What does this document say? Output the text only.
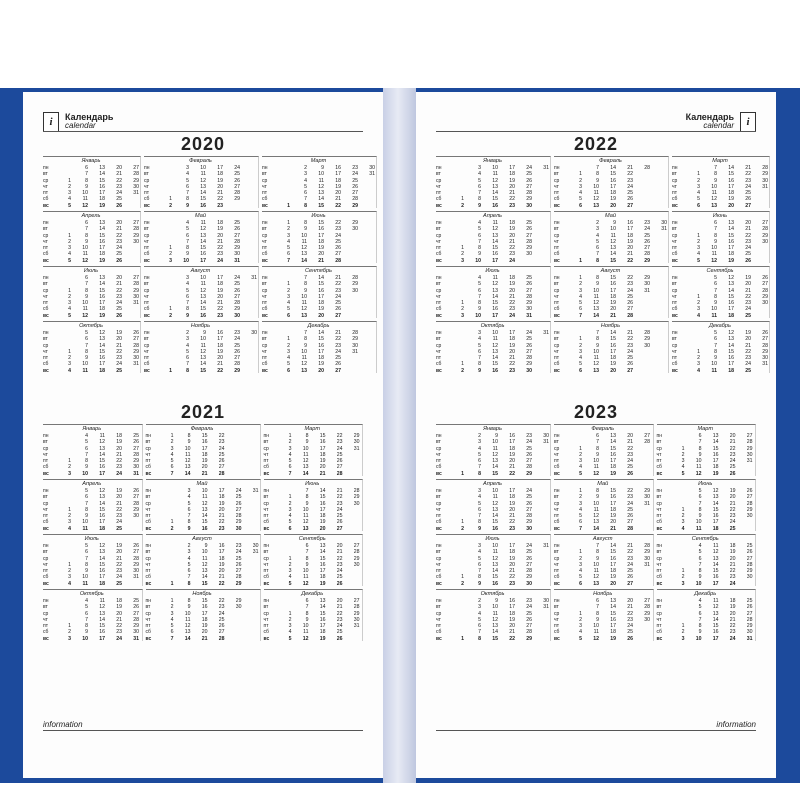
i	Календарь
calendar
2020
Январь
пн	6	13	20	27
вт	7	14	21	28
ср	1	8	15	22	29
чт	2	9	16	23	30
пт	3	10	17	24	31
сб	4	11	18	25
вс	5	12	19	26
Февраль
пн	3	10	17	24
вт	4	11	18	25
ср	5	12	19	26
чт	6	13	20	27
пт	7	14	21	28
сб	1	8	15	22	29
вс	2	9	16	23
Март
пн	2	9	16	23	30
вт	3	10	17	24	31
ср	4	11	18	25
чт	5	12	19	26
пт	6	13	20	27
сб	7	14	21	28
вс	1	8	15	22	29
Апрель
пн	6	13	20	27
вт	7	14	21	28
ср	1	8	15	22	29
чт	2	9	16	23	30
пт	3	10	17	24
сб	4	11	18	25
вс	5	12	19	26
Май
пн	4	11	18	25
вт	5	12	19	26
ср	6	13	20	27
чт	7	14	21	28
пт	1	8	15	22	29
сб	2	9	16	23	30
вс	3	10	17	24	31
Июнь
пн	1	8	15	22	29
вт	2	9	16	23	30
ср	3	10	17	24
чт	4	11	18	25
пт	5	12	19	26
сб	6	13	20	27
вс	7	14	21	28
Июль
пн	6	13	20	27
вт	7	14	21	28
ср	1	8	15	22	29
чт	2	9	16	23	30
пт	3	10	17	24	31
сб	4	11	18	25
вс	5	12	19	26
Август
пн	3	10	17	24	31
вт	4	11	18	25
ср	5	12	19	26
чт	6	13	20	27
пт	7	14	21	28
сб	1	8	15	22	29
вс	2	9	16	23	30
Сентябрь
пн	7	14	21	28
вт	1	8	15	22	29
ср	2	9	16	23	30
чт	3	10	17	24
пт	4	11	18	25
сб	5	12	19	26
вс	6	13	20	27
Октябрь
пн	5	12	19	26
вт	6	13	20	27
ср	7	14	21	28
чт	1	8	15	22	29
пт	2	9	16	23	30
сб	3	10	17	24	31
вс	4	11	18	25
Ноябрь
пн	2	9	16	23	30
вт	3	10	17	24
ср	4	11	18	25
чт	5	12	19	26
пт	6	13	20	27
сб	7	14	21	28
вс	1	8	15	22	29
Декабрь
пн	7	14	21	28
вт	1	8	15	22	29
ср	2	9	16	23	30
чт	3	10	17	24	31
пт	4	11	18	25
сб	5	12	19	26
вс	6	13	20	27
2021
Январь
пн	4	11	18	25
вт	5	12	19	26
ср	6	13	20	27
чт	7	14	21	28
пт	1	8	15	22	29
сб	2	9	16	23	30
вс	3	10	17	24	31
Февраль
пн	1	8	15	22
вт	2	9	16	23
ср	3	10	17	24
чт	4	11	18	25
пт	5	12	19	26
сб	6	13	20	27
вс	7	14	21	28
Март
пн	1	8	15	22	29
вт	2	9	16	23	30
ср	3	10	17	24	31
чт	4	11	18	25
пт	5	12	19	26
сб	6	13	20	27
вс	7	14	21	28
Апрель
пн	5	12	19	26
вт	6	13	20	27
ср	7	14	21	28
чт	1	8	15	22	29
пт	2	9	16	23	30
сб	3	10	17	24
вс	4	11	18	25
Май
пн	3	10	17	24	31
вт	4	11	18	25
ср	5	12	19	26
чт	6	13	20	27
пт	7	14	21	28
сб	1	8	15	22	29
вс	2	9	16	23	30
Июнь
пн	7	14	21	28
вт	1	8	15	22	29
ср	2	9	16	23	30
чт	3	10	17	24
пт	4	11	18	25
сб	5	12	19	26
вс	6	13	20	27
Июль
пн	5	12	19	26
вт	6	13	20	27
ср	7	14	21	28
чт	1	8	15	22	29
пт	2	9	16	23	30
сб	3	10	17	24	31
вс	4	11	18	25
Август
пн	2	9	16	23	30
вт	3	10	17	24	31
ср	4	11	18	25
чт	5	12	19	26
пт	6	13	20	27
сб	7	14	21	28
вс	1	8	15	22	29
Сентябрь
пн	6	13	20	27
вт	7	14	21	28
ср	1	8	15	22	29
чт	2	9	16	23	30
пт	3	10	17	24
сб	4	11	18	25
вс	5	12	19	26
Октябрь
пн	4	11	18	25
вт	5	12	19	26
ср	6	13	20	27
чт	7	14	21	28
пт	1	8	15	22	29
сб	2	9	16	23	30
вс	3	10	17	24	31
Ноябрь
пн	1	8	15	22	29
вт	2	9	16	23	30
ср	3	10	17	24
чт	4	11	18	25
пт	5	12	19	26
сб	6	13	20	27
вс	7	14	21	28
Декабрь
пн	6	13	20	27
вт	7	14	21	28
ср	1	8	15	22	29
чт	2	9	16	23	30
пт	3	10	17	24	31
сб	4	11	18	25
вс	5	12	19	26
information
i
Календарь
calendar
2022
Январь
пн	3	10	17	24	31
вт	4	11	18	25
ср	5	12	19	26
чт	6	13	20	27
пт	7	14	21	28
сб	1	8	15	22	29
вс	2	9	16	23	30
Февраль
пн	7	14	21	28
вт	1	8	15	22
ср	2	9	16	23
чт	3	10	17	24
пт	4	11	18	25
сб	5	12	19	26
вс	6	13	20	27
Март
пн	7	14	21	28
вт	1	8	15	22	29
ср	2	9	16	23	30
чт	3	10	17	24	31
пт	4	11	18	25
сб	5	12	19	26
вс	6	13	20	27
Апрель
пн	4	11	18	25
вт	5	12	19	26
ср	6	13	20	27
чт	7	14	21	28
пт	1	8	15	22	29
сб	2	9	16	23	30
вс	3	10	17	24
Май
пн	2	9	16	23	30
вт	3	10	17	24	31
ср	4	11	18	25
чт	5	12	19	26
пт	6	13	20	27
сб	7	14	21	28
вс	1	8	15	22	29
Июнь
пн	6	13	20	27
вт	7	14	21	28
ср	1	8	15	22	29
чт	2	9	16	23	30
пт	3	10	17	24
сб	4	11	18	25
вс	5	12	19	26
Июль
пн	4	11	18	25
вт	5	12	19	26
ср	6	13	20	27
чт	7	14	21	28
пт	1	8	15	22	29
сб	2	9	16	23	30
вс	3	10	17	24	31
Август
пн	1	8	15	22	29
вт	2	9	16	23	30
ср	3	10	17	24	31
чт	4	11	18	25
пт	5	12	19	26
сб	6	13	20	27
вс	7	14	21	28
Сентябрь
пн	5	12	19	26
вт	6	13	20	27
ср	7	14	21	28
чт	1	8	15	22	29
пт	2	9	16	23	30
сб	3	10	17	24
вс	4	11	18	25
Октябрь
пн	3	10	17	24	31
вт	4	11	18	25
ср	5	12	19	26
чт	6	13	20	27
пт	7	14	21	28
сб	1	8	15	22	29
вс	2	9	16	23	30
Ноябрь
пн	7	14	21	28
вт	1	8	15	22	29
ср	2	9	16	23	30
чт	3	10	17	24
пт	4	11	18	25
сб	5	12	19	26
вс	6	13	20	27
Декабрь
пн	5	12	19	26
вт	6	13	20	27
ср	7	14	21	28
чт	1	8	15	22	29
пт	2	9	16	23	30
сб	3	10	17	24	31
вс	4	11	18	25
2023
Январь
пн	2	9	16	23	30
вт	3	10	17	24	31
ср	4	11	18	25
чт	5	12	19	26
пт	6	13	20	27
сб	7	14	21	28
вс	1	8	15	22	29
Февраль
пн	6	13	20	27
вт	7	14	21	28
ср	1	8	15	22
чт	2	9	16	23
пт	3	10	17	24
сб	4	11	18	25
вс	5	12	19	26
Март
пн	6	13	20	27
вт	7	14	21	28
ср	1	8	15	22	29
чт	2	9	16	23	30
пт	3	10	17	24	31
сб	4	11	18	25
вс	5	12	19	26
Апрель
пн	3	10	17	24
вт	4	11	18	25
ср	5	12	19	26
чт	6	13	20	27
пт	7	14	21	28
сб	1	8	15	22	29
вс	2	9	16	23	30
Май
пн	1	8	15	22	29
вт	2	9	16	23	30
ср	3	10	17	24	31
чт	4	11	18	25
пт	5	12	19	26
сб	6	13	20	27
вс	7	14	21	28
Июнь
пн	5	12	19	26
вт	6	13	20	27
ср	7	14	21	28
чт	1	8	15	22	29
пт	2	9	16	23	30
сб	3	10	17	24
вс	4	11	18	25
Июль
пн	3	10	17	24	31
вт	4	11	18	25
ср	5	12	19	26
чт	6	13	20	27
пт	7	14	21	28
сб	1	8	15	22	29
вс	2	9	16	23	30
Август
пн	7	14	21	28
вт	1	8	15	22	29
ср	2	9	16	23	30
чт	3	10	17	24	31
пт	4	11	18	25
сб	5	12	19	26
вс	6	13	20	27
Сентябрь
пн	4	11	18	25
вт	5	12	19	26
ср	6	13	20	27
чт	7	14	21	28
пт	1	8	15	22	29
сб	2	9	16	23	30
вс	3	10	17	24
Октябрь
пн	2	9	16	23	30
вт	3	10	17	24	31
ср	4	11	18	25
чт	5	12	19	26
пт	6	13	20	27
сб	7	14	21	28
вс	1	8	15	22	29
Ноябрь
пн	6	13	20	27
вт	7	14	21	28
ср	1	8	15	22	29
чт	2	9	16	23	30
пт	3	10	17	24
сб	4	11	18	25
вс	5	12	19	26
Декабрь
пн	4	11	18	25
вт	5	12	19	26
ср	6	13	20	27
чт	7	14	21	28
пт	1	8	15	22	29
сб	2	9	16	23	30
вс	3	10	17	24	31
information
